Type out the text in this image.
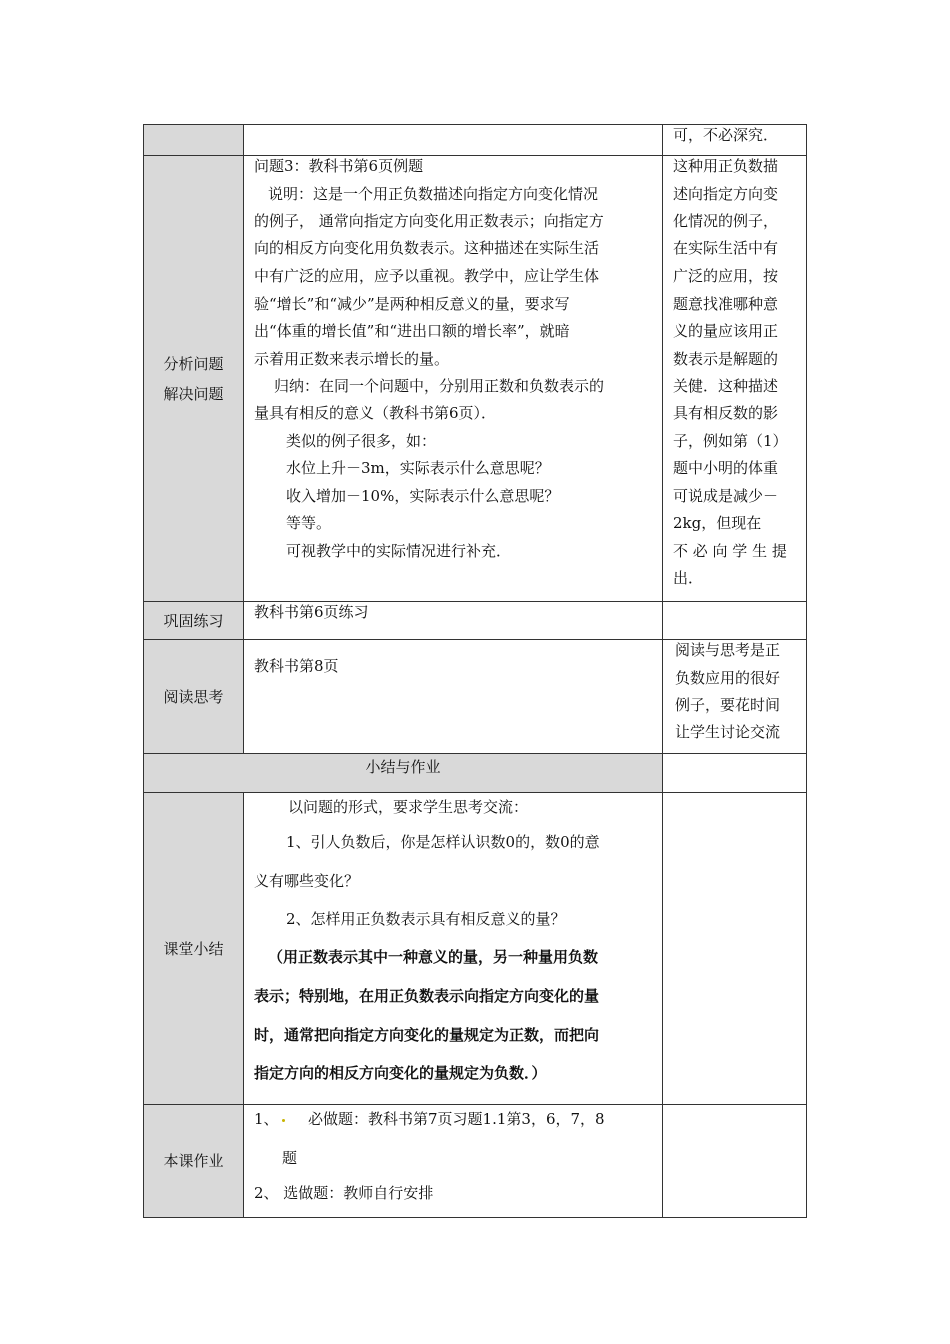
可，不必深究．
分析问题
解决问题
问题3：教科书第6页例题
说明：这是一个用正负数描述向指定方向变化情况
的例子， 通常向指定方向变化用正数表示；向指定方
向的相反方向变化用负数表示。这种描述在实际生活
中有广泛的应用，应予以重视。教学中，应让学生体
验“增长”和“减少”是两种相反意义的量，要求写
出“体重的增长值”和“进出口额的增长率”，就暗
示着用正数来表示增长的量。
归纳：在同一个问题中，分别用正数和负数表示的
量具有相反的意义（教科书第6页）．
类似的例子很多，如：
水位上升－3m，实际表示什么意思呢？
收入增加－10%，实际表示什么意思呢？
等等。
可视教学中的实际情况进行补充．
这种用正负数描
述向指定方向变
化情况的例子，
在实际生活中有
广泛的应用，按
题意找准哪种意
义的量应该用正
数表示是解题的
关健．这种描述
具有相反数的影
子，例如第（1）
题中小明的体重
可说成是减少－
2kg，但现在
不 必 向 学 生 提
出．
巩固练习 教科书第6页练习
阅读思考
教科书第8页
阅读与思考是正
负数应用的很好
例子，要花时间
让学生讨论交流
小结与作业
课堂小结
以问题的形式，要求学生思考交流：
1、引人负数后，你是怎样认识数0的，数0的意
义有哪些变化？
2、怎样用正负数表示具有相反意义的量？
（用正数表示其中一种意义的量，另一种量用负数
表示；特别地，在用正负数表示向指定方向变化的量
时，通常把向指定方向变化的量规定为正数，而把向
指定方向的相反方向变化的量规定为负数．）
本课作业
1、 必做题：教科书第7页习题1.1第3，6，7，8
题
2、 选做题：教师自行安排
